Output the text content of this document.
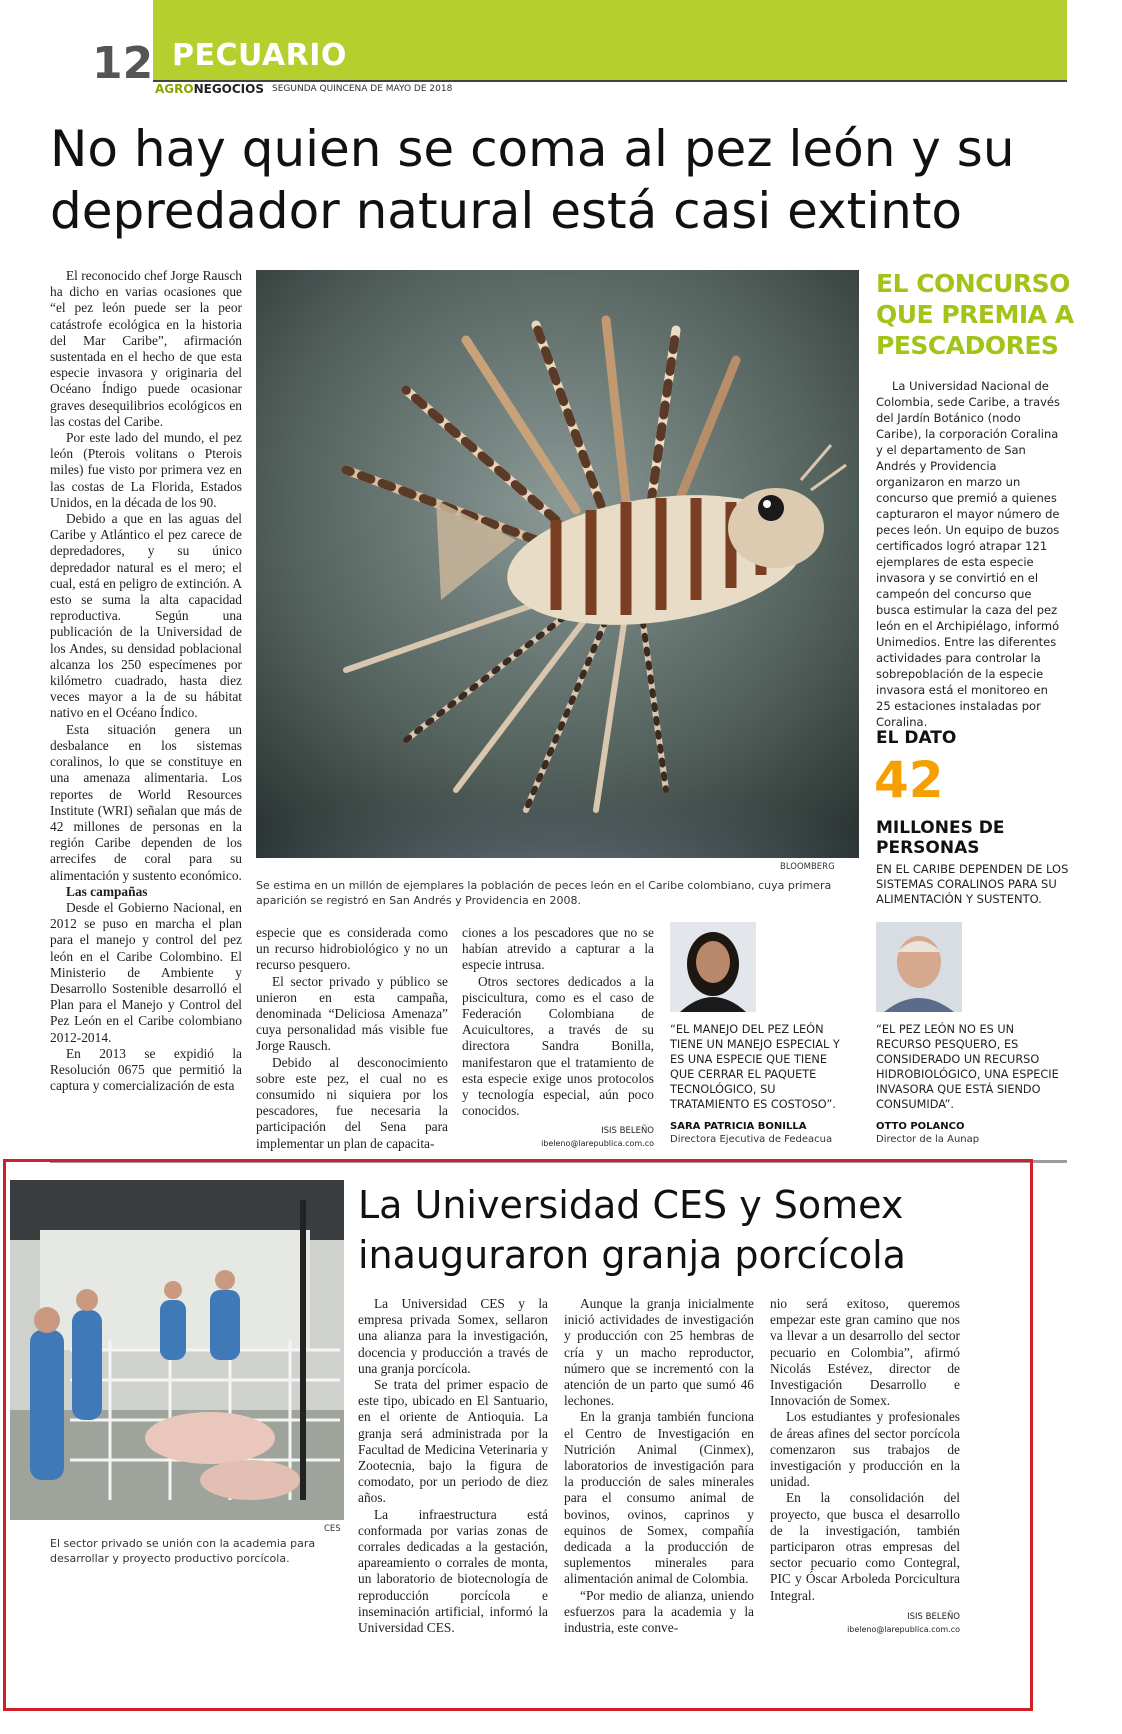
12 PECUARIO
AGRONEGOCIOS SEGUNDA QUINCENA DE MAYO DE 2018
No hay quien se coma al pez león y su depredador natural está casi extinto

El reconocido chef Jorge Rausch ha dicho en varias ocasiones que “el pez león puede ser la peor catástrofe ecológica en la historia del Mar Caribe”, afirmación sustentada en el hecho de que esta especie invasora y originaria del Océano Índigo puede ocasionar graves desequilibrios ecológicos en las costas del Caribe.

Por este lado del mundo, el pez león (Pterois volitans o Pterois miles) fue visto por primera vez en las costas de La Florida, Estados Unidos, en la década de los 90.

Debido a que en las aguas del Caribe y Atlántico el pez carece de depredadores, y su único depredador natural es el mero; el cual, está en peligro de extinción. A esto se suma la alta capacidad reproductiva. Según una publicación de la Universidad de los Andes, su densidad poblacional alcanza los 250 especímenes por kilómetro cuadrado, hasta diez veces mayor a la de su hábitat nativo en el Océano Índico.

Esta situación genera un desbalance en los sistemas coralinos, lo que se constituye en una amenaza alimentaria. Los reportes de World Resources Institute (WRI) señalan que más de 42 millones de personas en la región Caribe dependen de los arrecifes de coral para su alimentación y sustento económico.

Las campañas

Desde el Gobierno Nacional, en 2012 se puso en marcha el plan para el manejo y control del pez león en el Caribe Colombino. El Ministerio de Ambiente y Desarrollo Sostenible desarrolló el Plan para el Manejo y Control del Pez León en el Caribe colombiano 2012-2014.

En 2013 se expidió la Resolución 0675 que permitió la captura y comercialización de esta

BLOOMBERG
Se estima en un millón de ejemplares la población de peces león en el Caribe colombiano, cuya primera aparición se registró en San Andrés y Providencia en 2008.

especie que es considerada como un recurso hidrobiológico y no un recurso pesquero.

El sector privado y público se unieron en esta campaña, denominada “Deliciosa Amenaza” cuya personalidad más visible fue Jorge Rausch.

Debido al desconocimiento sobre este pez, el cual no es consumido ni siquiera por los pescadores, fue necesaria la participación del Sena para implementar un plan de capacita-

ciones a los pescadores que no se habían atrevido a capturar a la especie intrusa.

Otros sectores dedicados a la piscicultura, como es el caso de Federación Colombiana de Acuicultores, a través de su directora Sandra Bonilla, manifestaron que el tratamiento de esta especie exige unos protocolos y tecnología especial, aún poco conocidos.

ISIS BELEÑO
ibeleno@larepublica.com.co
“EL MANEJO DEL PEZ LEÓN TIENE UN MANEJO ESPECIAL Y ES UNA ESPECIE QUE TIENE QUE CERRAR EL PAQUETE TECNOLÓGICO, SU TRATAMIENTO ES COSTOSO”.
SARA PATRICIA BONILLA
Directora Ejecutiva de Fedeacua
“EL PEZ LEÓN NO ES UN RECURSO PESQUERO, ES CONSIDERADO UN RECURSO HIDROBIOLÓGICO, UNA ESPECIE INVASORA QUE ESTÁ SIENDO CONSUMIDA”.
OTTO POLANCO
Director de la Aunap
EL CONCURSO QUE PREMIA A PESCADORES

La Universidad Nacional de Colombia, sede Caribe, a través del Jardín Botánico (nodo Caribe), la corporación Coralina y el departamento de San Andrés y Providencia organizaron en marzo un concurso que premió a quienes capturaron el mayor número de peces león. Un equipo de buzos certificados logró atrapar 121 ejemplares de esta especie invasora y se convirtió en el campeón del concurso que busca estimular la caza del pez león en el Archipiélago, informó Unimedios. Entre las diferentes actividades para controlar la sobrepoblación de la especie invasora está el monitoreo en 25 estaciones instaladas por Coralina.

EL DATO
42
MILLONES DE PERSONAS
EN EL CARIBE DEPENDEN DE LOS SISTEMAS CORALINOS PARA SU ALIMENTACIÓN Y SUSTENTO.
CES
El sector privado se unión con la academia para desarrollar y proyecto productivo porcícola.
La Universidad CES y Somex inauguraron granja porcícola

La Universidad CES y la empresa privada Somex, sellaron una alianza para la investigación, docencia y producción a través de una granja porcícola.

Se trata del primer espacio de este tipo, ubicado en El Santuario, en el oriente de Antioquia. La granja será administrada por la Facultad de Medicina Veterinaria y Zootecnia, bajo la figura de comodato, por un periodo de diez años.

La infraestructura está conformada por varias zonas de corrales dedicadas a la gestación, apareamiento o corrales de monta, un laboratorio de biotecnología de reproducción porcícola e inseminación artificial, informó la Universidad CES.

Aunque la granja inicialmente inició actividades de investigación y producción con 25 hembras de cría y un macho reproductor, número que se incrementó con la atención de un parto que sumó 46 lechones.

En la granja también funciona el Centro de Investigación en Nutrición Animal (Cinmex), laboratorios de investigación para la producción de sales minerales para el consumo animal de bovinos, ovinos, caprinos y equinos de Somex, compañía dedicada a la producción de suplementos minerales para alimentación animal de Colombia.

“Por medio de alianza, uniendo esfuerzos para la academia y la industria, este conve-

nio será exitoso, queremos empezar este gran camino que nos va llevar a un desarrollo del sector pecuario en Colombia”, afirmó Nicolás Estévez, director de Investigación Desarrollo e Innovación de Somex.

Los estudiantes y profesionales de áreas afines del sector porcícola comenzaron sus trabajos de investigación y producción en la unidad.

En la consolidación del proyecto, que busca el desarrollo de la investigación, también participaron otras empresas del sector pecuario como Contegral, PIC y Óscar Arboleda Porcicultura Integral.

ISIS BELEÑO
ibeleno@larepublica.com.co
